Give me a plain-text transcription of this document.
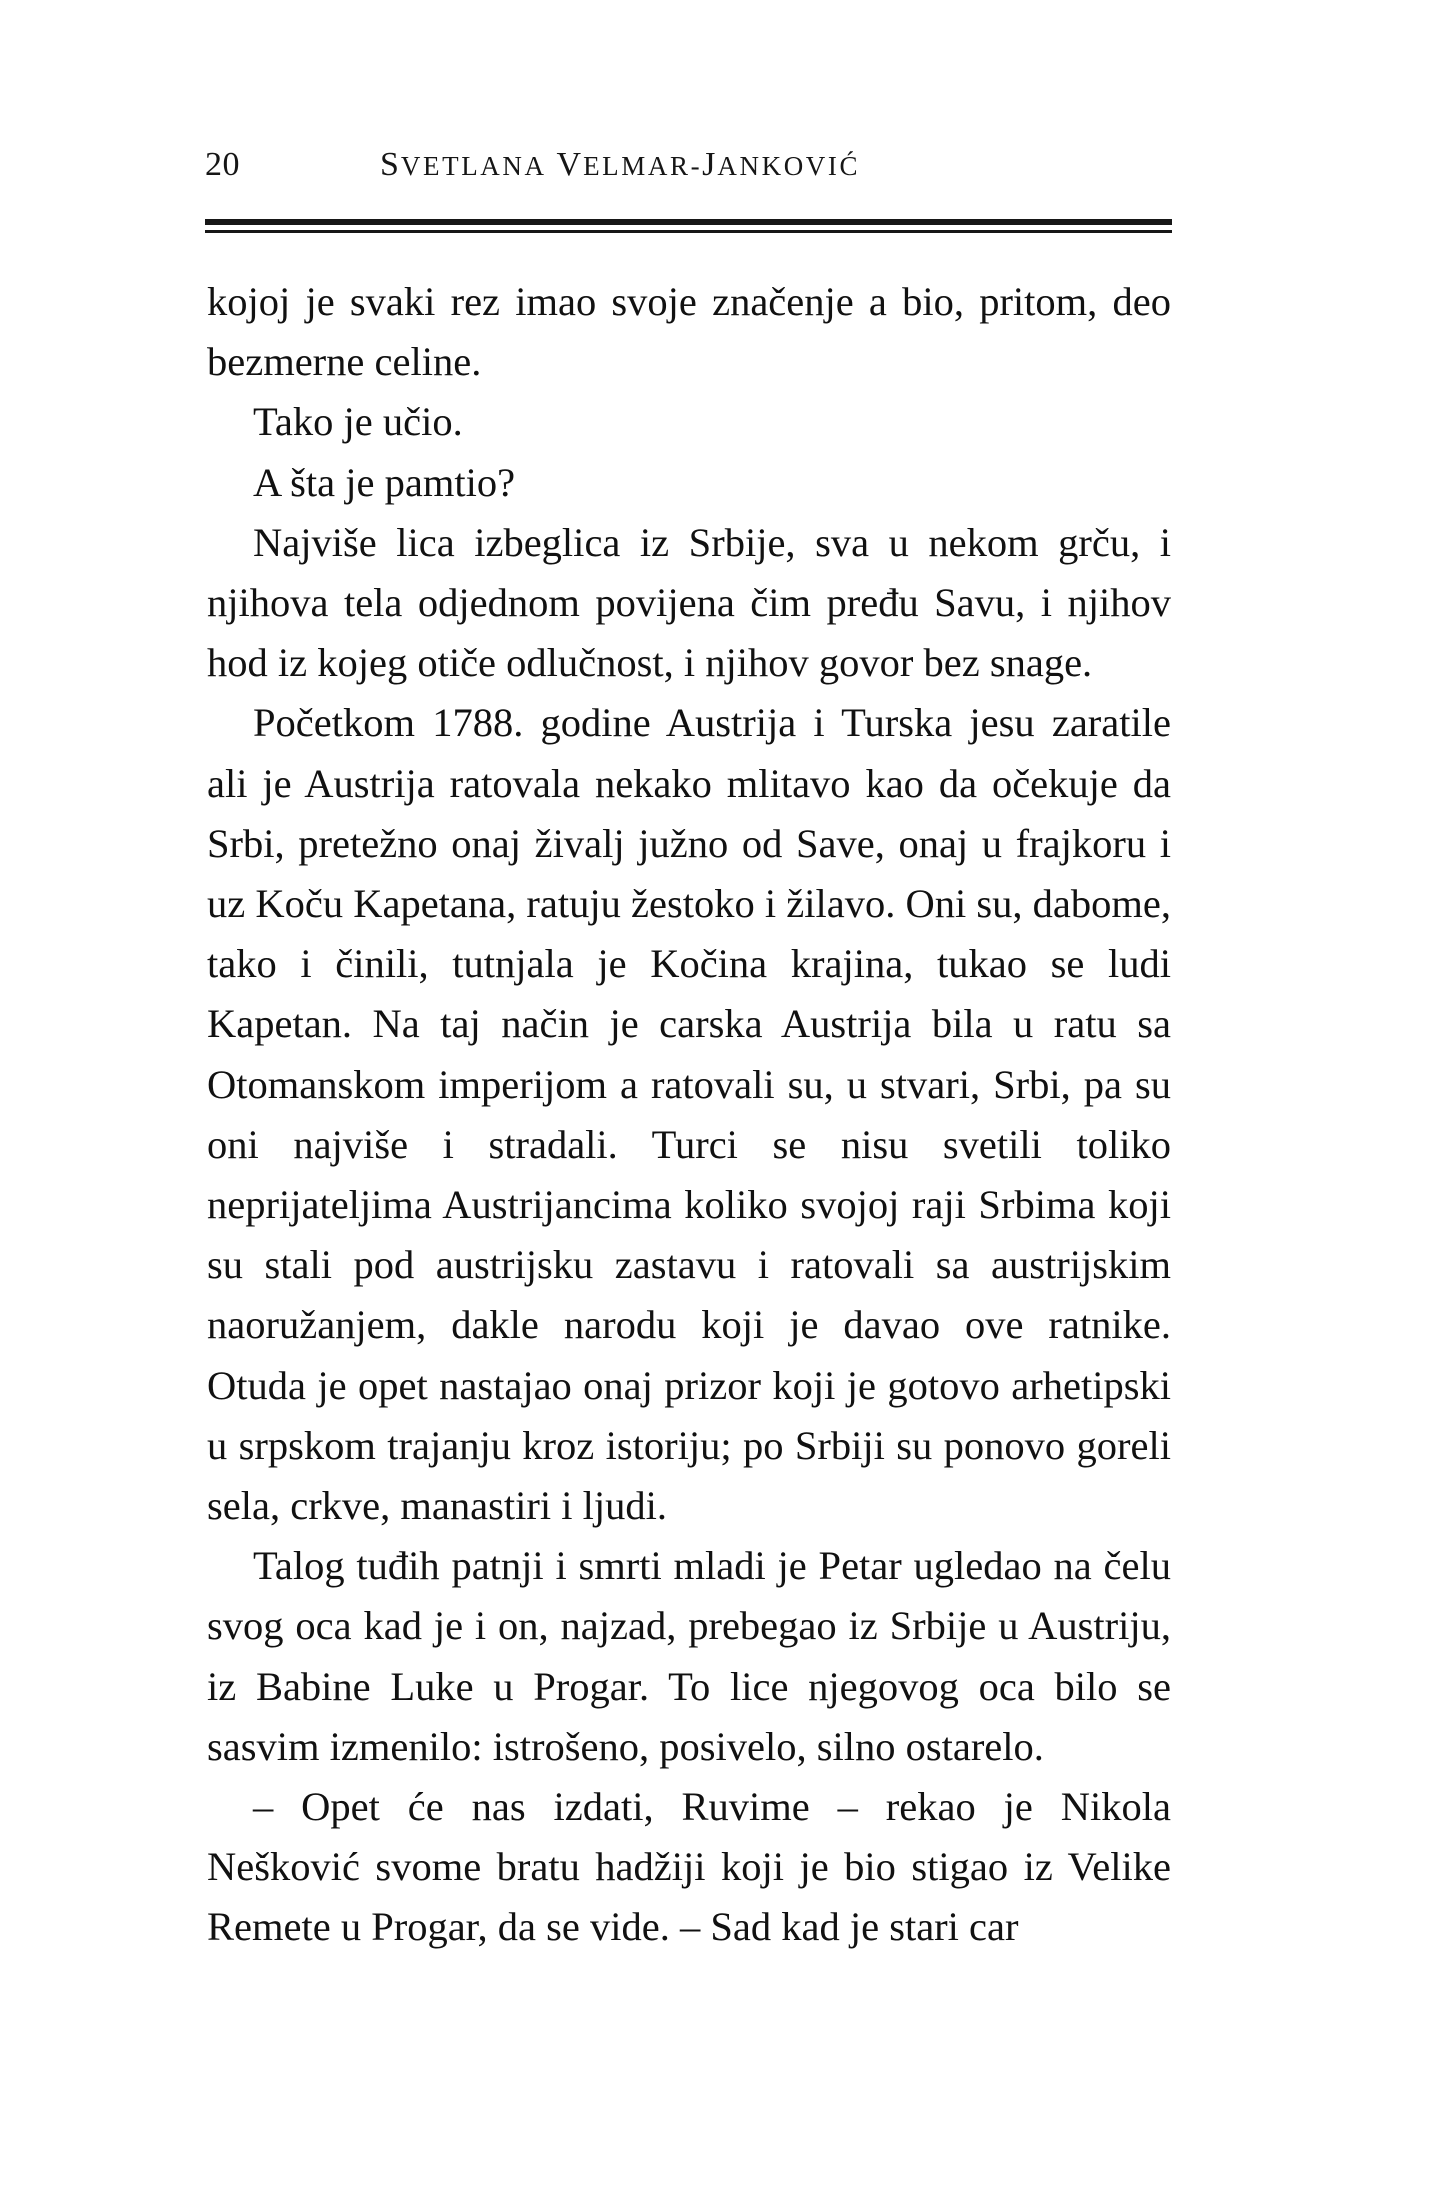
20	SVETLANA VELMAR-JANKOVIĆ

kojoj je svaki rez imao svoje značenje a bio, pritom, deo bezmerne celine.

Tako je učio.

A šta je pamtio?

Najviše lica izbeglica iz Srbije, sva u nekom grču, i njihova tela odjednom povijena čim pređu Savu, i njihov hod iz kojeg otiče odlučnost, i njihov govor bez snage.

Početkom 1788. godine Austrija i Turska jesu zaratile ali je Austrija ratovala nekako mlitavo kao da očekuje da Srbi, pretežno onaj živalj južno od Save, onaj u frajkoru i uz Koču Kapetana, ratuju žestoko i žilavo. Oni su, dabome, tako i činili, tutnjala je Kočina krajina, tukao se ludi Kapetan. Na taj način je carska Austrija bila u ratu sa Otomanskom imperijom a ratovali su, u stvari, Srbi, pa su oni najviše i stradali. Turci se nisu svetili toliko neprijateljima Austrijancima koliko svojoj raji Srbima koji su stali pod austrijsku zastavu i ratovali sa austrijskim naoružanjem, dakle narodu koji je davao ove ratnike. Otuda je opet nastajao onaj prizor koji je gotovo arhetipski u srpskom trajanju kroz istoriju; po Srbiji su ponovo goreli sela, crkve, manastiri i ljudi.

Talog tuđih patnji i smrti mladi je Petar ugledao na čelu svog oca kad je i on, najzad, prebegao iz Srbije u Austriju, iz Babine Luke u Progar. To lice njegovog oca bilo se sasvim izmenilo: istrošeno, posivelo, silno ostarelo.

– Opet će nas izdati, Ruvime – rekao je Nikola Nešković svome bratu hadžiji koji je bio stigao iz Velike Remete u Progar, da se vide. – Sad kad je stari car
